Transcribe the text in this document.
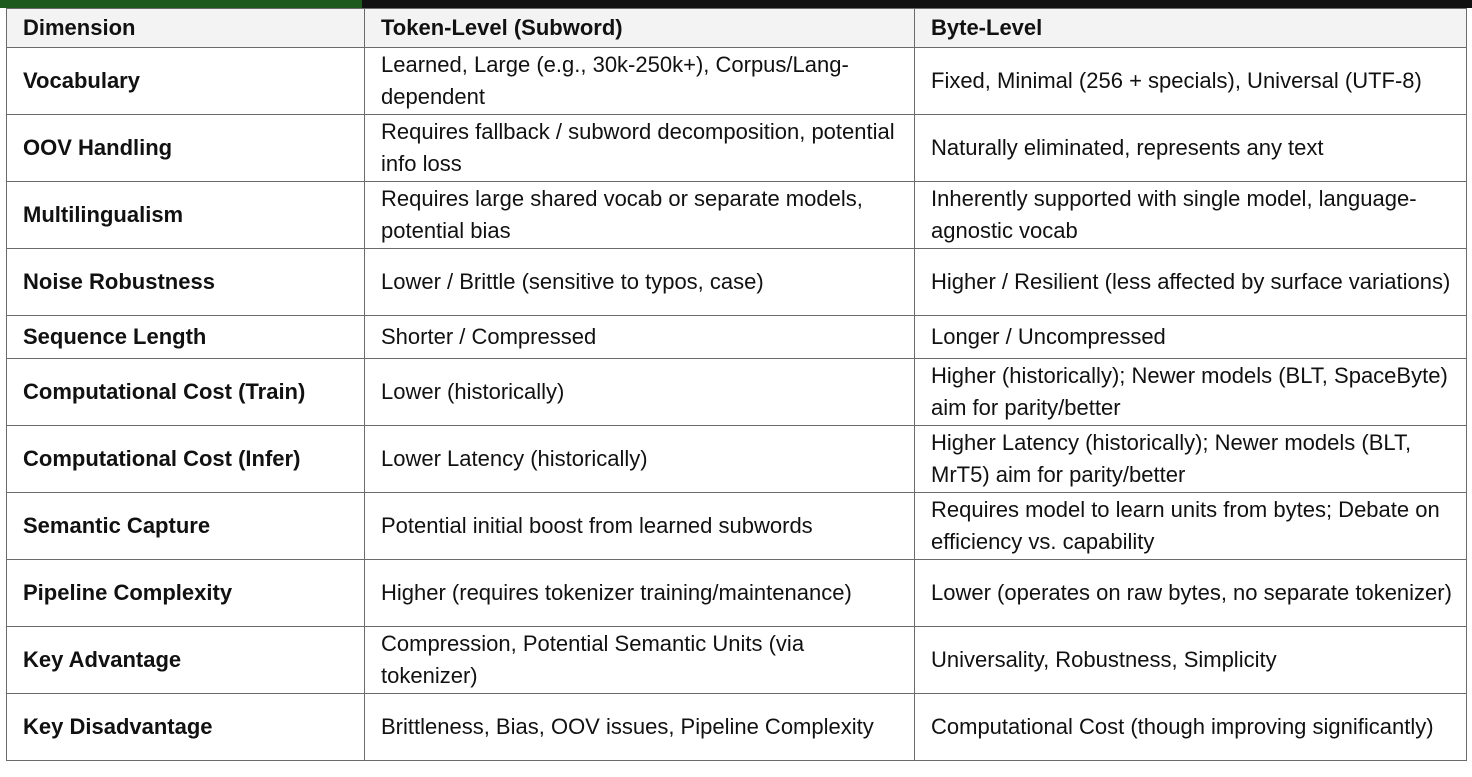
Dimension	Token-Level (Subword)	Byte-Level
Vocabulary	Learned, Large (e.g., 30k-250k+), Corpus/Lang-dependent	Fixed, Minimal (256 + specials), Universal (UTF-8)
OOV Handling	Requires fallback / subword decomposition, potential info loss	Naturally eliminated, represents any text
Multilingualism	Requires large shared vocab or separate models, potential bias	Inherently supported with single model, language-agnostic vocab
Noise Robustness	Lower / Brittle (sensitive to typos, case)	Higher / Resilient (less affected by surface variations)
Sequence Length	Shorter / Compressed	Longer / Uncompressed
Computational Cost (Train)	Lower (historically)	Higher (historically); Newer models (BLT, SpaceByte) aim for parity/better
Computational Cost (Infer)	Lower Latency (historically)	Higher Latency (historically); Newer models (BLT, MrT5) aim for parity/better
Semantic Capture	Potential initial boost from learned subwords	Requires model to learn units from bytes; Debate on efficiency vs. capability
Pipeline Complexity	Higher (requires tokenizer training/maintenance)	Lower (operates on raw bytes, no separate tokenizer)
Key Advantage	Compression, Potential Semantic Units (via tokenizer)	Universality, Robustness, Simplicity
Key Disadvantage	Brittleness, Bias, OOV issues, Pipeline Complexity	Computational Cost (though improving significantly)
